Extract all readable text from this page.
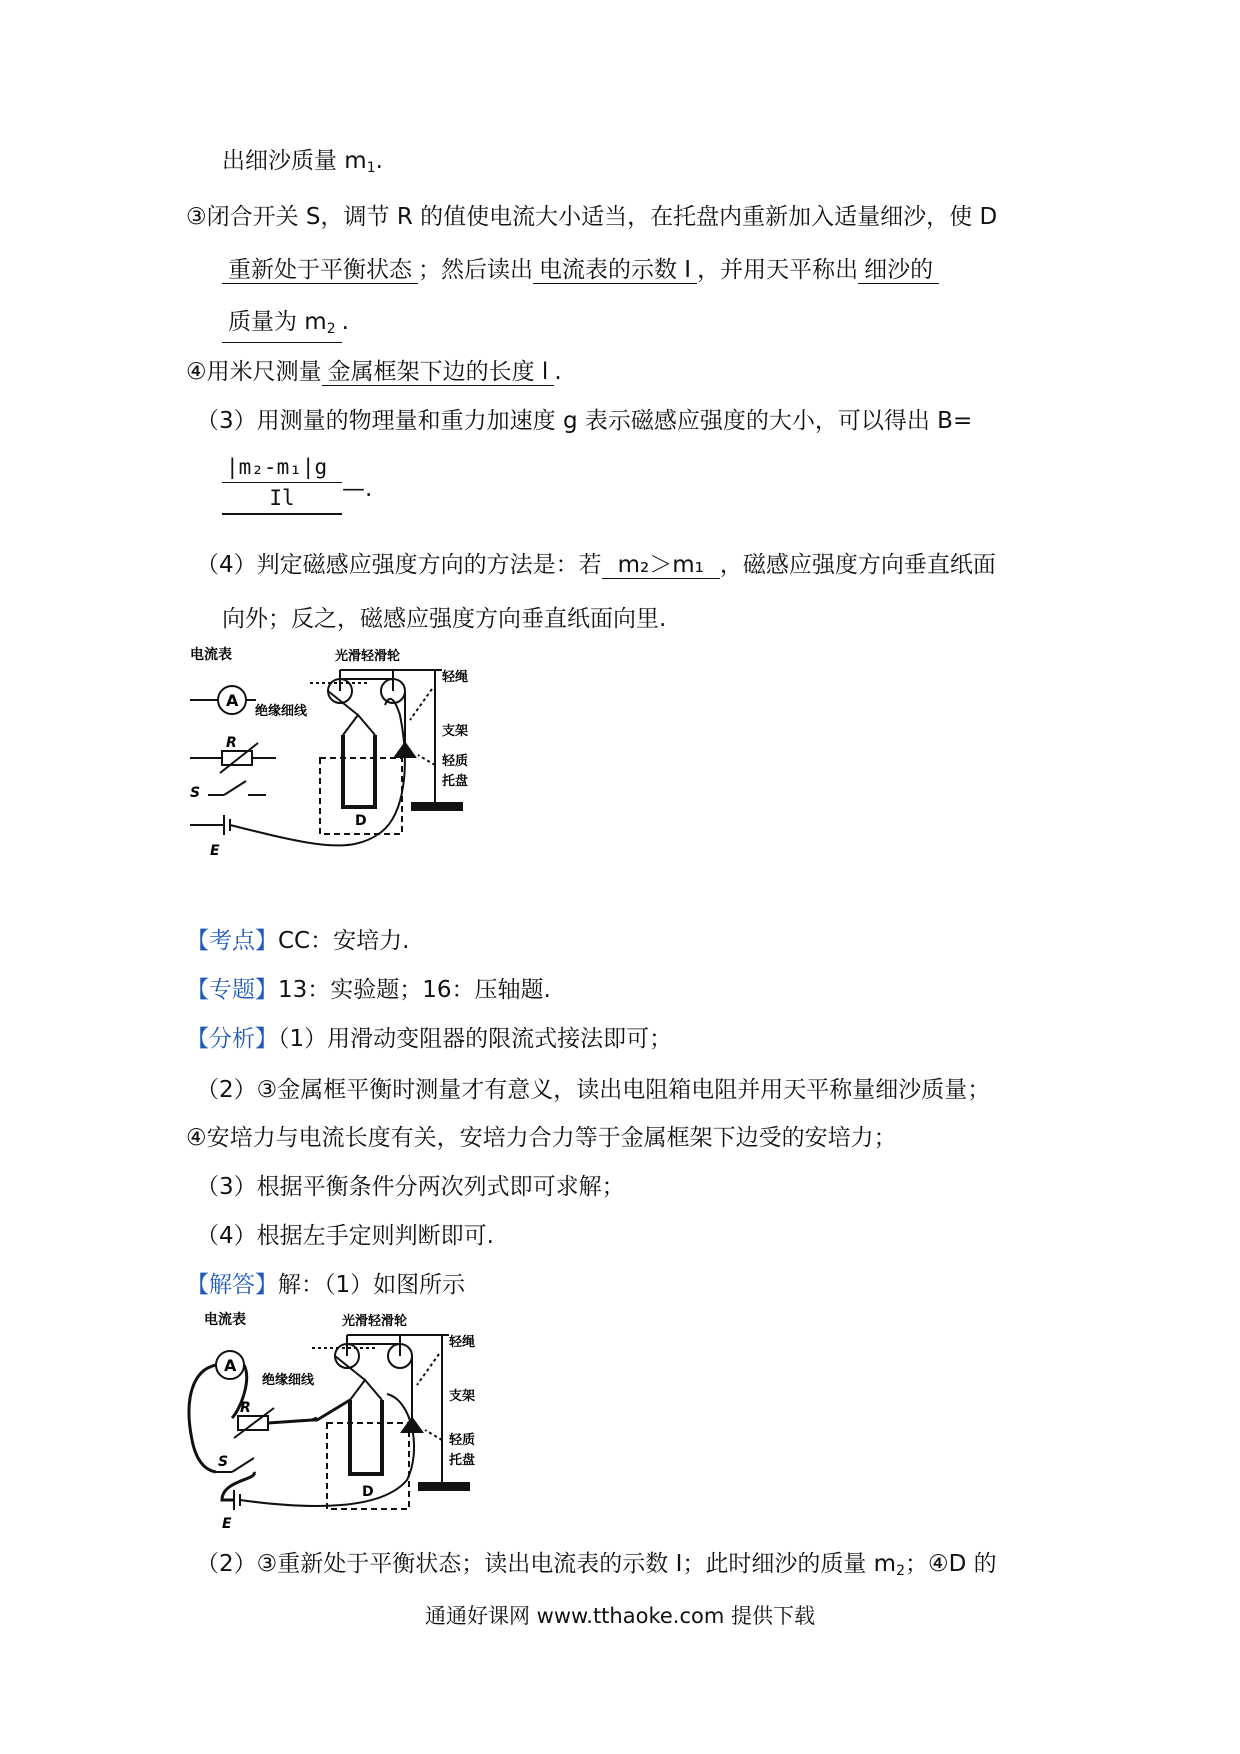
出细沙质量 $m_1$.
③闭合开关 S，调节 R 的值使电流大小适当，在托盘内重新加入适量细沙，使 D
重新处于平衡状态 ；然后读出 电流表的示数 I ，并用天平称出 细沙的
质量为 $m_2$ .
④用米尺测量 金属框架下边的长度 l .
（3）用测量的物理量和重力加速度 g 表示磁感应强度的大小，可以得出 B=
$\frac{\text{|m₂-m₁|g}}{Il}$ —.
（4）判定磁感应强度方向的方法是：若 m₂＞m₁ ，磁感应强度方向垂直纸面
向外；反之，磁感应强度方向垂直纸面向里.
电流表
A
R
S
E
D
光滑轻滑轮
绝缘细线
轻绳
支架
轻质
托盘
【考点】CC：安培力.
【专题】13：实验题；16：压轴题.
【分析】（1）用滑动变阻器的限流式接法即可；
（2）③金属框平衡时测量才有意义，读出电阻箱电阻并用天平称量细沙质量；
④安培力与电流长度有关，安培力合力等于金属框架下边受的安培力；
（3）根据平衡条件分两次列式即可求解；
（4）根据左手定则判断即可.
【解答】解：（1）如图所示
电流表
A
R
S
E
D
光滑轻滑轮
绝缘细线
轻绳
支架
轻质
托盘
（2）③重新处于平衡状态；读出电流表的示数 I；此时细沙的质量 $m_2$；④D 的
通通好课网 www.tthaoke.com 提供下载
